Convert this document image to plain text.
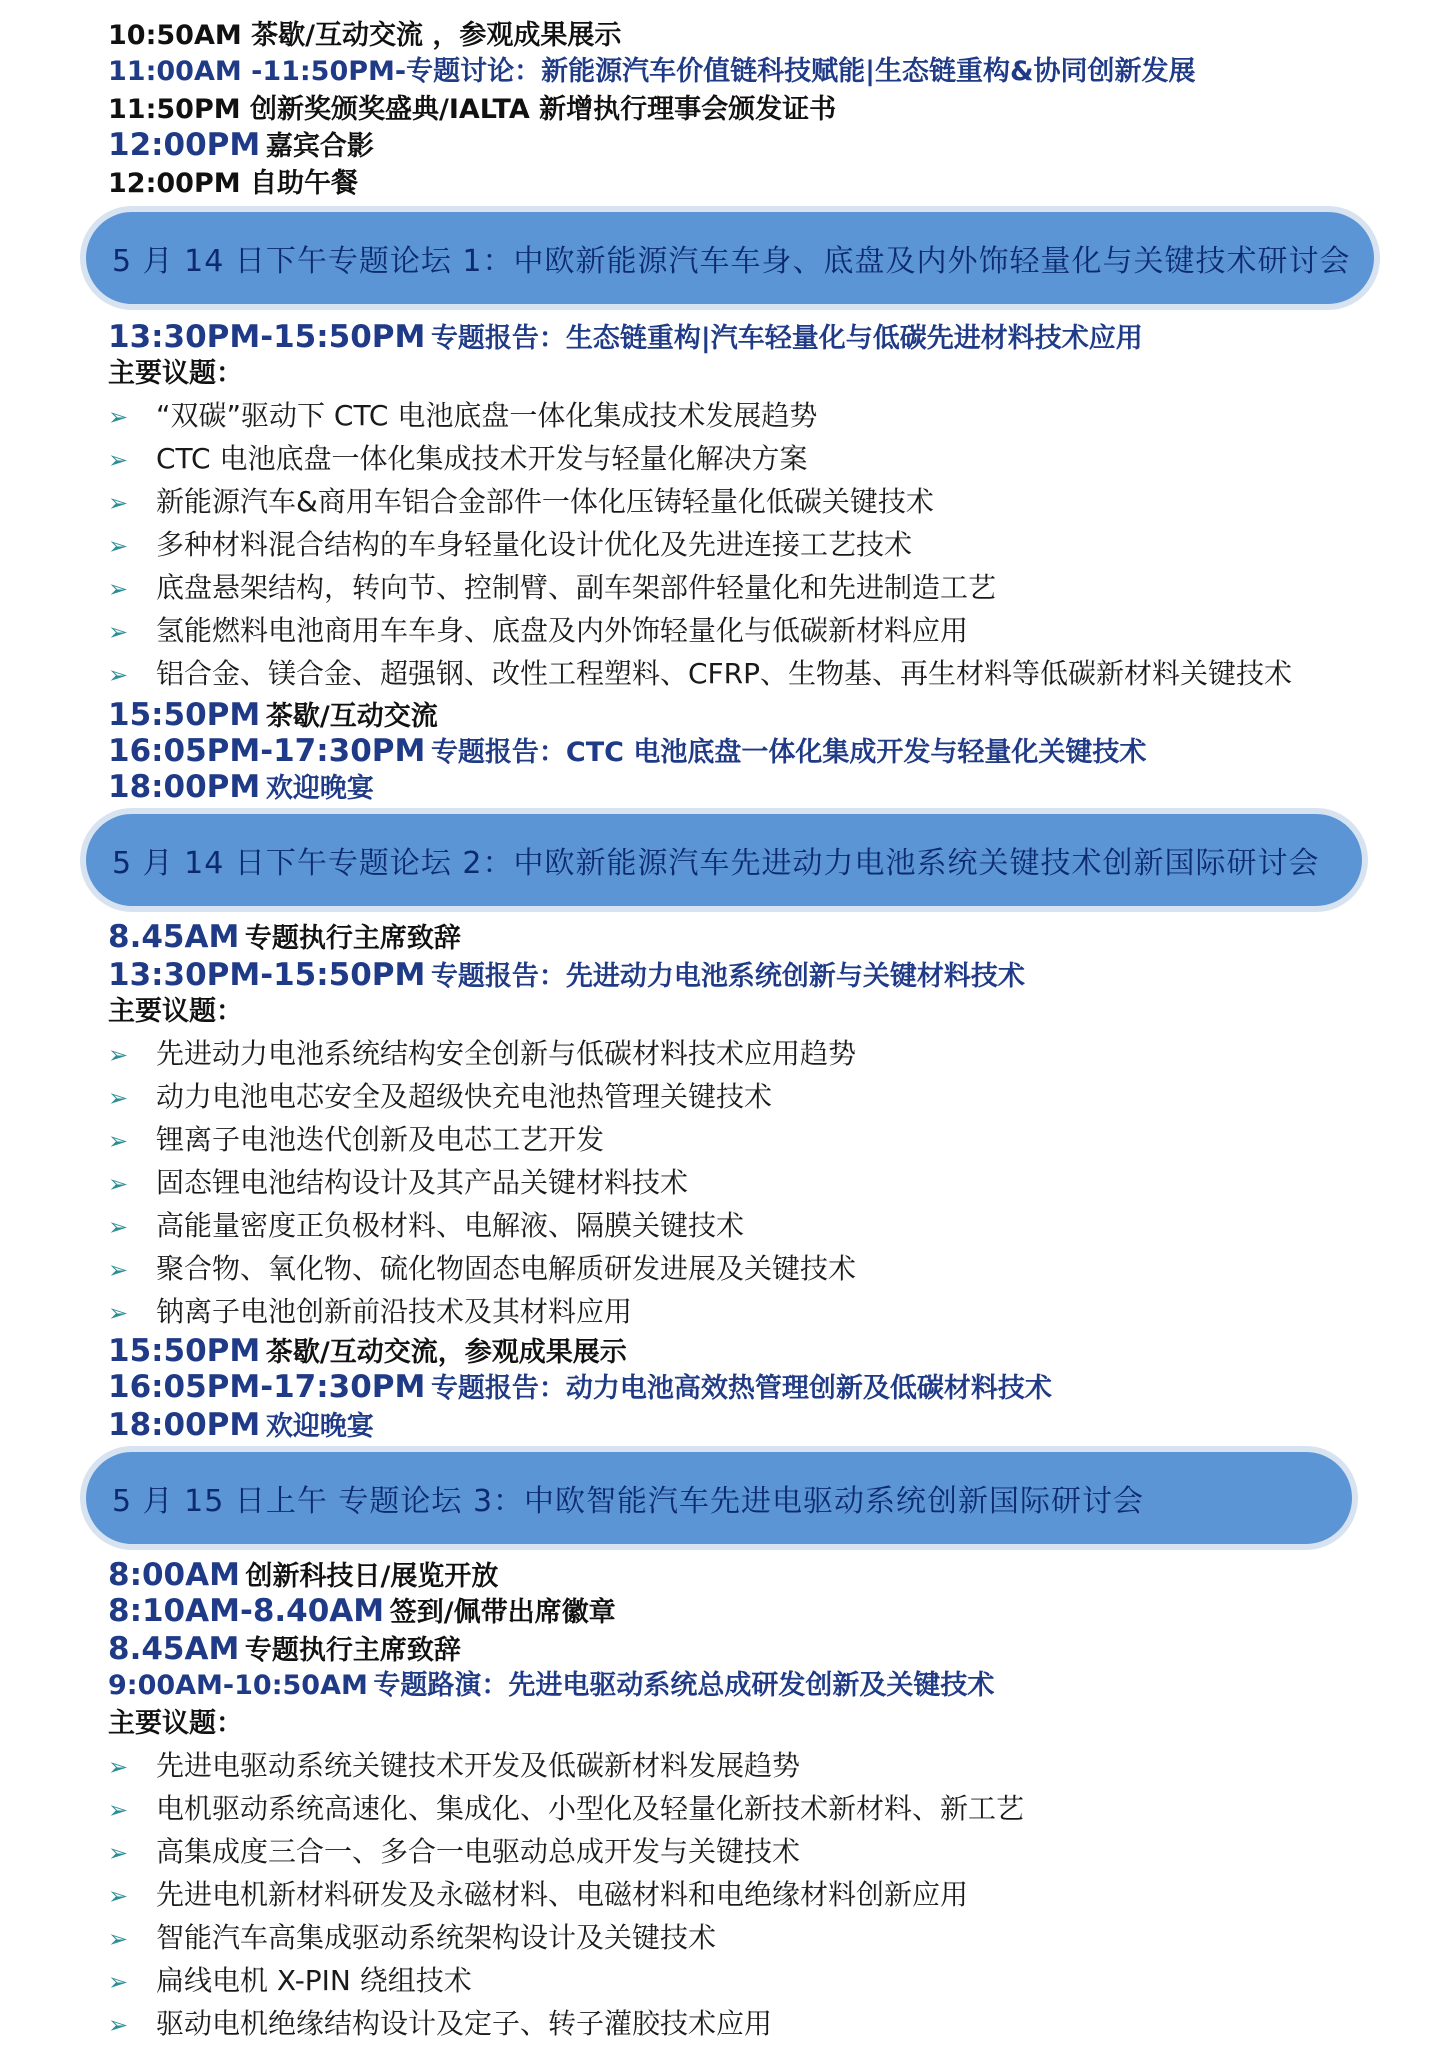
10:50AM 茶歇/互动交流 ，参观成果展示
11:00AM -11:50PM-专题讨论：新能源汽车价值链科技赋能|生态链重构&协同创新发展
11:50PM 创新奖颁奖盛典/IALTA 新增执行理事会颁发证书
12:00PM 嘉宾合影
12:00PM 自助午餐
5 月 14 日下午专题论坛 1：中欧新能源汽车车身、底盘及内外饰轻量化与关键技术研讨会
13:30PM-15:50PM 专题报告：生态链重构|汽车轻量化与低碳先进材料技术应用
主要议题：
➢ “双碳”驱动下 CTC 电池底盘一体化集成技术发展趋势
➢ CTC 电池底盘一体化集成技术开发与轻量化解决方案
➢ 新能源汽车&商用车铝合金部件一体化压铸轻量化低碳关键技术
➢ 多种材料混合结构的车身轻量化设计优化及先进连接工艺技术
➢ 底盘悬架结构，转向节、控制臂、副车架部件轻量化和先进制造工艺
➢ 氢能燃料电池商用车车身、底盘及内外饰轻量化与低碳新材料应用
➢ 铝合金、镁合金、超强钢、改性工程塑料、CFRP、生物基、再生材料等低碳新材料关键技术
15:50PM 茶歇/互动交流
16:05PM-17:30PM 专题报告：CTC 电池底盘一体化集成开发与轻量化关键技术
18:00PM 欢迎晚宴
5 月 14 日下午专题论坛 2：中欧新能源汽车先进动力电池系统关键技术创新国际研讨会
8.45AM 专题执行主席致辞
13:30PM-15:50PM 专题报告：先进动力电池系统创新与关键材料技术
主要议题：
➢ 先进动力电池系统结构安全创新与低碳材料技术应用趋势
➢ 动力电池电芯安全及超级快充电池热管理关键技术
➢ 锂离子电池迭代创新及电芯工艺开发
➢ 固态锂电池结构设计及其产品关键材料技术
➢ 高能量密度正负极材料、电解液、隔膜关键技术
➢ 聚合物、氧化物、硫化物固态电解质研发进展及关键技术
➢ 钠离子电池创新前沿技术及其材料应用
15:50PM 茶歇/互动交流，参观成果展示
16:05PM-17:30PM 专题报告：动力电池高效热管理创新及低碳材料技术
18:00PM 欢迎晚宴
5 月 15 日上午 专题论坛 3：中欧智能汽车先进电驱动系统创新国际研讨会
8:00AM 创新科技日/展览开放
8:10AM-8.40AM 签到/佩带出席徽章
8.45AM 专题执行主席致辞
9:00AM-10:50AM 专题路演：先进电驱动系统总成研发创新及关键技术
主要议题：
➢ 先进电驱动系统关键技术开发及低碳新材料发展趋势
➢ 电机驱动系统高速化、集成化、小型化及轻量化新技术新材料、新工艺
➢ 高集成度三合一、多合一电驱动总成开发与关键技术
➢ 先进电机新材料研发及永磁材料、电磁材料和电绝缘材料创新应用
➢ 智能汽车高集成驱动系统架构设计及关键技术
➢ 扁线电机 X-PIN 绕组技术
➢ 驱动电机绝缘结构设计及定子、转子灌胶技术应用
